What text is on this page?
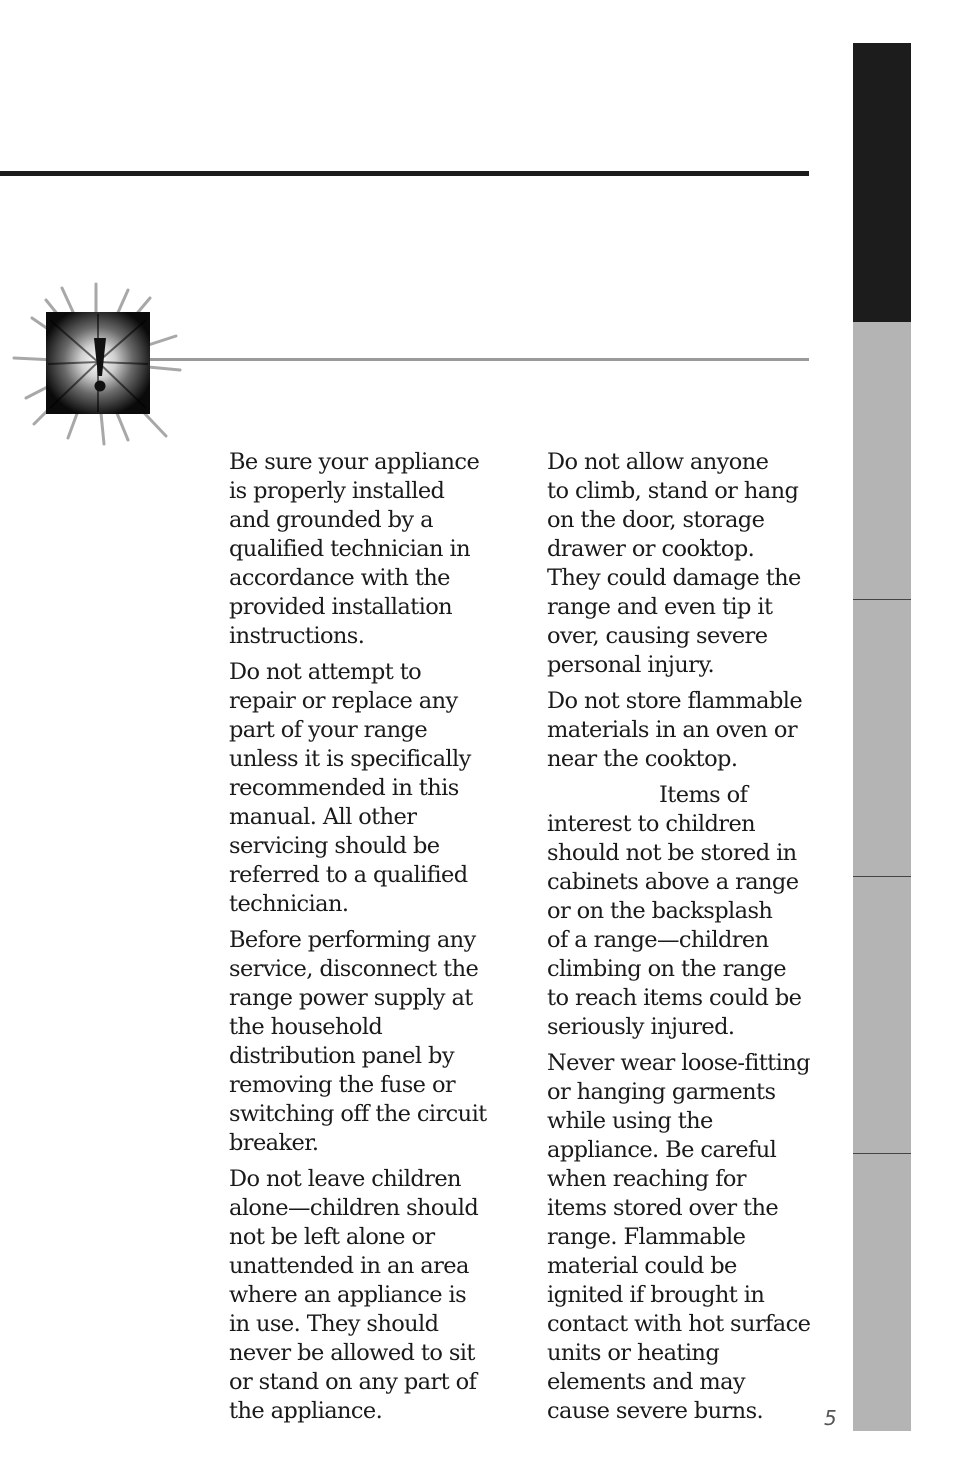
Be sure your appliance
is properly installed
and grounded by a
qualified technician in
accordance with the
provided installation
instructions.
Do not attempt to
repair or replace any
part of your range
unless it is specifically
recommended in this
manual. All other
servicing should be
referred to a qualified
technician.
Before performing any
service, disconnect the
range power supply at
the household
distribution panel by
removing the fuse or
switching off the circuit
breaker.
Do not leave children
alone—children should
not be left alone or
unattended in an area
where an appliance is
in use. They should
never be allowed to sit
or stand on any part of
the appliance.
Do not allow anyone
to climb, stand or hang
on the door, storage
drawer or cooktop.
They could damage the
range and even tip it
over, causing severe
personal injury.
Do not store flammable
materials in an oven or
near the cooktop.
Items of
interest to children
should not be stored in
cabinets above a range
or on the backsplash
of a range—children
climbing on the range
to reach items could be
seriously injured.
Never wear loose-fitting
or hanging garments
while using the
appliance. Be careful
when reaching for
items stored over the
range. Flammable
material could be
ignited if brought in
contact with hot surface
units or heating
elements and may
cause severe burns.	5
